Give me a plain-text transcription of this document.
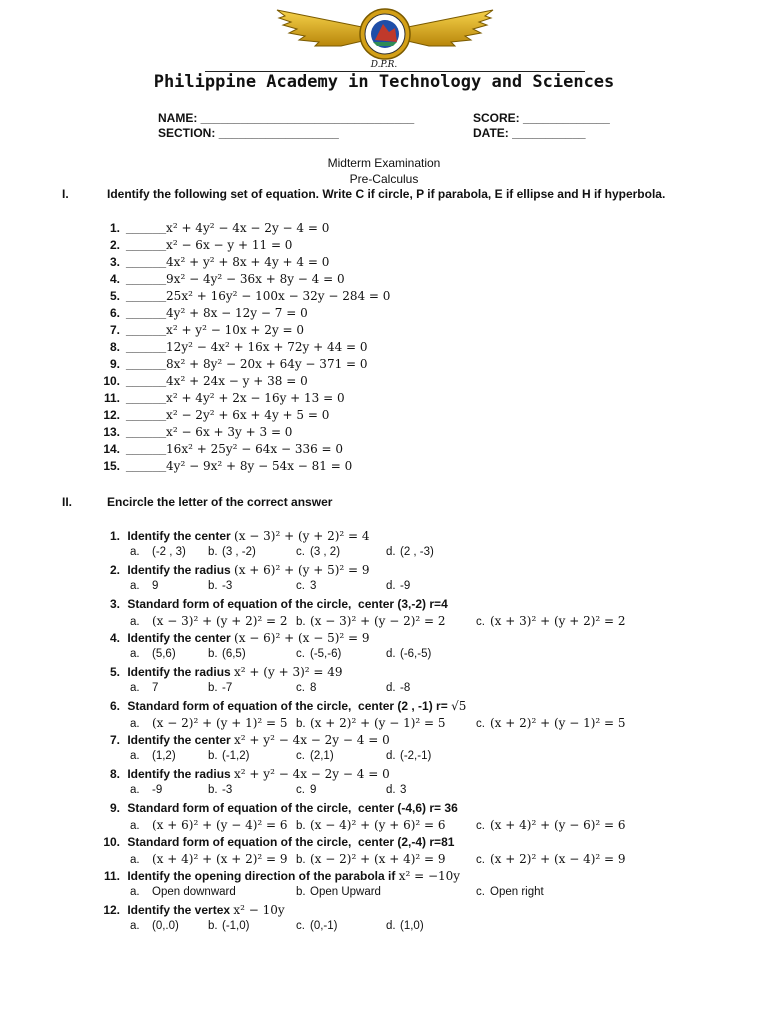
D.P.R.
Philippine Academy in Technology and Sciences
NAME: ________________________________	SCORE: _____________
SECTION: __________________	DATE: ___________
Midterm Examination
Pre-Calculus
I.	Identify the following set of equation. Write C if circle, P if parabola, E if ellipse and H if hyperbola.
1. ______x² + 4y² − 4x − 2y − 4 = 0
2. ______x² − 6x − y + 11 = 0
3. ______4x² + y² + 8x + 4y + 4 = 0
4. ______9x² − 4y² − 36x + 8y − 4 = 0
5. ______25x² + 16y² − 100x − 32y − 284 = 0
6. ______4y² + 8x − 12y − 7 = 0
7. ______x² + y² − 10x + 2y = 0
8. ______12y² − 4x² + 16x + 72y + 44 = 0
9. ______8x² + 8y² − 20x + 64y − 371 = 0
10. ______4x² + 24x − y + 38 = 0
11. ______x² + 4y² + 2x − 16y + 13 = 0
12. ______x² − 2y² + 6x + 4y + 5 = 0
13. ______x² − 6x + 3y + 3 = 0
14. ______16x² + 25y² − 64x − 336 = 0
15. ______4y² − 9x² + 8y − 54x − 81 = 0
II.	Encircle the letter of the correct answer
1. Identify the center (x − 3)² + (y + 2)² = 4
a. (-2 , 3) b. (3 , -2)	c. (3 , 2)	d. (2 , -3)
2. Identify the radius (x + 6)² + (y + 5)² = 9
a. 9	b. -3	c. 3	d. -9
3. Standard form of equation of the circle,  center (3,-2) r=4
a. (x − 3)² + (y + 2)² = 2 b. (x − 3)² + (y − 2)² = 2	c. (x + 3)² + (y + 2)² = 2
4. Identify the center (x − 6)² + (x − 5)² = 9
a. (5,6)	b. (6,5)	c. (-5,-6)	d. (-6,-5)
5. Identify the radius x² + (y + 3)² = 49
a. 7	b. -7	c. 8	d. -8
6. Standard form of equation of the circle,  center (2 , -1) r= √5
a. (x − 2)² + (y + 1)² = 5 b. (x + 2)² + (y − 1)² = 5	c. (x + 2)² + (y − 1)² = 5
7. Identify the center x² + y² − 4x − 2y − 4 = 0
a. (1,2)	b. (-1,2)	c. (2,1)	d. (-2,-1)
8. Identify the radius x² + y² − 4x − 2y − 4 = 0
a. -9	b. -3	c. 9	d. 3
9. Standard form of equation of the circle,  center (-4,6) r= 36
a. (x + 6)² + (y − 4)² = 6 b. (x − 4)² + (y + 6)² = 6	c. (x + 4)² + (y − 6)² = 6
10. Standard form of equation of the circle,  center (2,-4) r=81
a. (x + 4)² + (x + 2)² = 9 b. (x − 2)² + (x + 4)² = 9	c. (x + 2)² + (x − 4)² = 9
11. Identify the opening direction of the parabola if x² = −10y
a. Open downward	b. Open Upward	c. Open right
12. Identify the vertex x² − 10y
a. (0,.0)	b. (-1,0)	c. (0,-1)	d. (1,0)
